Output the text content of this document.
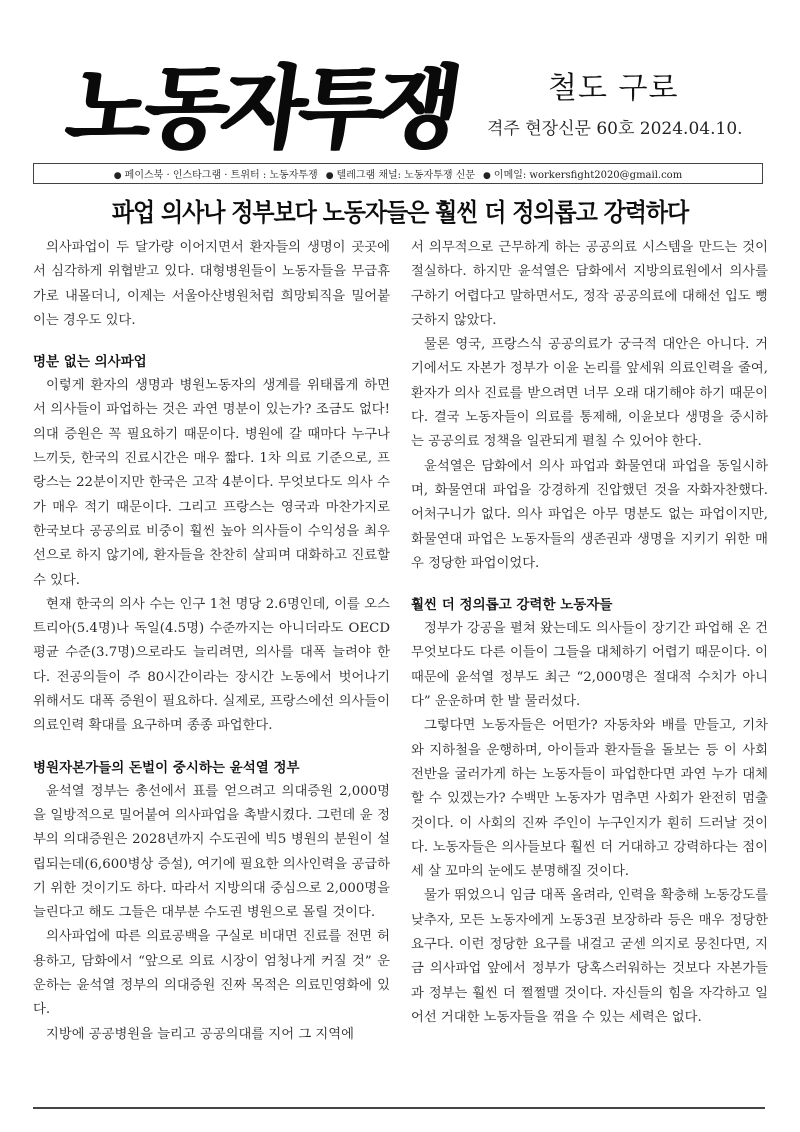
노동자투쟁	철도 구로
격주 현장신문 60호 2024.04.10.
● 페이스북 · 인스타그램 · 트위터 : 노동자투쟁 ● 텔레그램 채널: 노동자투쟁 신문 ● 이메일: workersfight2020@gmail.com
파업 의사나 정부보다 노동자들은 훨씬 더 정의롭고 강력하다

의사파업이 두 달가량 이어지면서 환자들의 생명이 곳곳에서 심각하게 위협받고 있다. 대형병원들이 노동자들을 무급휴가로 내몰더니, 이제는 서울아산병원처럼 희망퇴직을 밀어붙이는 경우도 있다.

명분 없는 의사파업

이렇게 환자의 생명과 병원노동자의 생계를 위태롭게 하면서 의사들이 파업하는 것은 과연 명분이 있는가? 조금도 없다! 의대 증원은 꼭 필요하기 때문이다. 병원에 갈 때마다 누구나 느끼듯, 한국의 진료시간은 매우 짧다. 1차 의료 기준으로, 프랑스는 22분이지만 한국은 고작 4분이다. 무엇보다도 의사 수가 매우 적기 때문이다. 그리고 프랑스는 영국과 마찬가지로 한국보다 공공의료 비중이 훨씬 높아 의사들이 수익성을 최우선으로 하지 않기에, 환자들을 찬찬히 살피며 대화하고 진료할 수 있다.

현재 한국의 의사 수는 인구 1천 명당 2.6명인데, 이를 오스트리아(5.4명)나 독일(4.5명) 수준까지는 아니더라도 OECD 평균 수준(3.7명)으로라도 늘리려면, 의사를 대폭 늘려야 한다. 전공의들이 주 80시간이라는 장시간 노동에서 벗어나기 위해서도 대폭 증원이 필요하다. 실제로, 프랑스에선 의사들이 의료인력 확대를 요구하며 종종 파업한다.

병원자본가들의 돈벌이 중시하는 윤석열 정부

윤석열 정부는 총선에서 표를 얻으려고 의대증원 2,000명을 일방적으로 밀어붙여 의사파업을 촉발시켰다. 그런데 윤 정부의 의대증원은 2028년까지 수도권에 빅5 병원의 분원이 설립되는데(6,600병상 증설), 여기에 필요한 의사인력을 공급하기 위한 것이기도 하다. 따라서 지방의대 중심으로 2,000명을 늘린다고 해도 그들은 대부분 수도권 병원으로 몰릴 것이다.

의사파업에 따른 의료공백을 구실로 비대면 진료를 전면 허용하고, 담화에서 “앞으로 의료 시장이 엄청나게 커질 것” 운운하는 윤석열 정부의 의대증원 진짜 목적은 의료민영화에 있다.

지방에 공공병원을 늘리고 공공의대를 지어 그 지역에

서 의무적으로 근무하게 하는 공공의료 시스템을 만드는 것이 절실하다. 하지만 윤석열은 담화에서 지방의료원에서 의사를 구하기 어렵다고 말하면서도, 정작 공공의료에 대해선 입도 뻥긋하지 않았다.

물론 영국, 프랑스식 공공의료가 궁극적 대안은 아니다. 거기에서도 자본가 정부가 이윤 논리를 앞세워 의료인력을 줄여, 환자가 의사 진료를 받으려면 너무 오래 대기해야 하기 때문이다. 결국 노동자들이 의료를 통제해, 이윤보다 생명을 중시하는 공공의료 정책을 일관되게 펼칠 수 있어야 한다.

윤석열은 담화에서 의사 파업과 화물연대 파업을 동일시하며, 화물연대 파업을 강경하게 진압했던 것을 자화자찬했다. 어처구니가 없다. 의사 파업은 아무 명분도 없는 파업이지만, 화물연대 파업은 노동자들의 생존권과 생명을 지키기 위한 매우 정당한 파업이었다.

훨씬 더 정의롭고 강력한 노동자들

정부가 강공을 펼쳐 왔는데도 의사들이 장기간 파업해 온 건 무엇보다도 다른 이들이 그들을 대체하기 어렵기 때문이다. 이 때문에 윤석열 정부도 최근 “2,000명은 절대적 수치가 아니다” 운운하며 한 발 물러섰다.

그렇다면 노동자들은 어떤가? 자동차와 배를 만들고, 기차와 지하철을 운행하며, 아이들과 환자들을 돌보는 등 이 사회 전반을 굴러가게 하는 노동자들이 파업한다면 과연 누가 대체할 수 있겠는가? 수백만 노동자가 멈추면 사회가 완전히 멈출 것이다. 이 사회의 진짜 주인이 누구인지가 훤히 드러날 것이다. 노동자들은 의사들보다 훨씬 더 거대하고 강력하다는 점이 세 살 꼬마의 눈에도 분명해질 것이다.

물가 뛰었으니 임금 대폭 올려라, 인력을 확충해 노동강도를 낮추자, 모든 노동자에게 노동3권 보장하라 등은 매우 정당한 요구다. 이런 정당한 요구를 내걸고 굳센 의지로 뭉친다면, 지금 의사파업 앞에서 정부가 당혹스러워하는 것보다 자본가들과 정부는 훨씬 더 쩔쩔맬 것이다. 자신들의 힘을 자각하고 일어선 거대한 노동자들을 꺾을 수 있는 세력은 없다.
